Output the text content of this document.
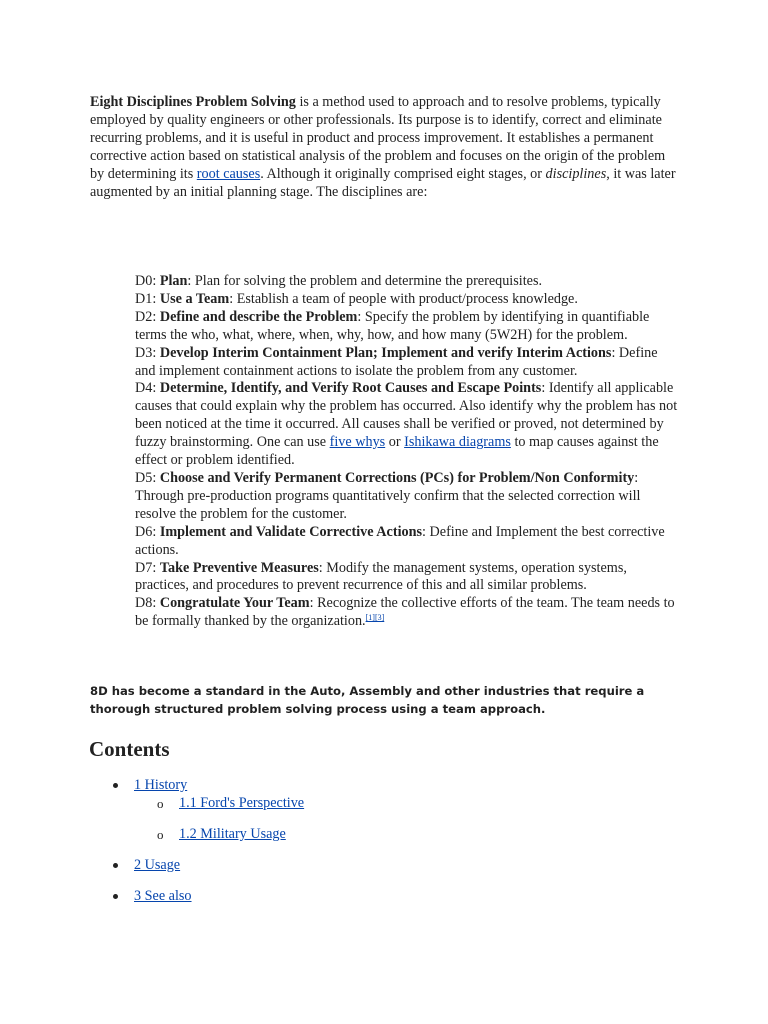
Eight Disciplines Problem Solving is a method used to approach and to resolve problems, typically employed by quality engineers or other professionals. Its purpose is to identify, correct and eliminate recurring problems, and it is useful in product and process improvement. It establishes a permanent corrective action based on statistical analysis of the problem and focuses on the origin of the problem by determining its root causes. Although it originally comprised eight stages, or disciplines, it was later augmented by an initial planning stage. The disciplines are:

D0: Plan: Plan for solving the problem and determine the prerequisites.
D1: Use a Team: Establish a team of people with product/process knowledge.
D2: Define and describe the Problem: Specify the problem by identifying in quantifiable terms the who, what, where, when, why, how, and how many (5W2H) for the problem.
D3: Develop Interim Containment Plan; Implement and verify Interim Actions: Define and implement containment actions to isolate the problem from any customer.
D4: Determine, Identify, and Verify Root Causes and Escape Points: Identify all applicable causes that could explain why the problem has occurred. Also identify why the problem has not been noticed at the time it occurred. All causes shall be verified or proved, not determined by fuzzy brainstorming. One can use five whys or Ishikawa diagrams to map causes against the effect or problem identified.
D5: Choose and Verify Permanent Corrections (PCs) for Problem/Non Conformity: Through pre-production programs quantitatively confirm that the selected correction will resolve the problem for the customer.
D6: Implement and Validate Corrective Actions: Define and Implement the best corrective actions.
D7: Take Preventive Measures: Modify the management systems, operation systems, practices, and procedures to prevent recurrence of this and all similar problems.
D8: Congratulate Your Team: Recognize the collective efforts of the team. The team needs to be formally thanked by the organization.[1][3]

8D has become a standard in the Auto, Assembly and other industries that require a thorough structured problem solving process using a team approach.

Contents
1 History
o 1.1 Ford's Perspective
o 1.2 Military Usage
2 Usage
3 See also
